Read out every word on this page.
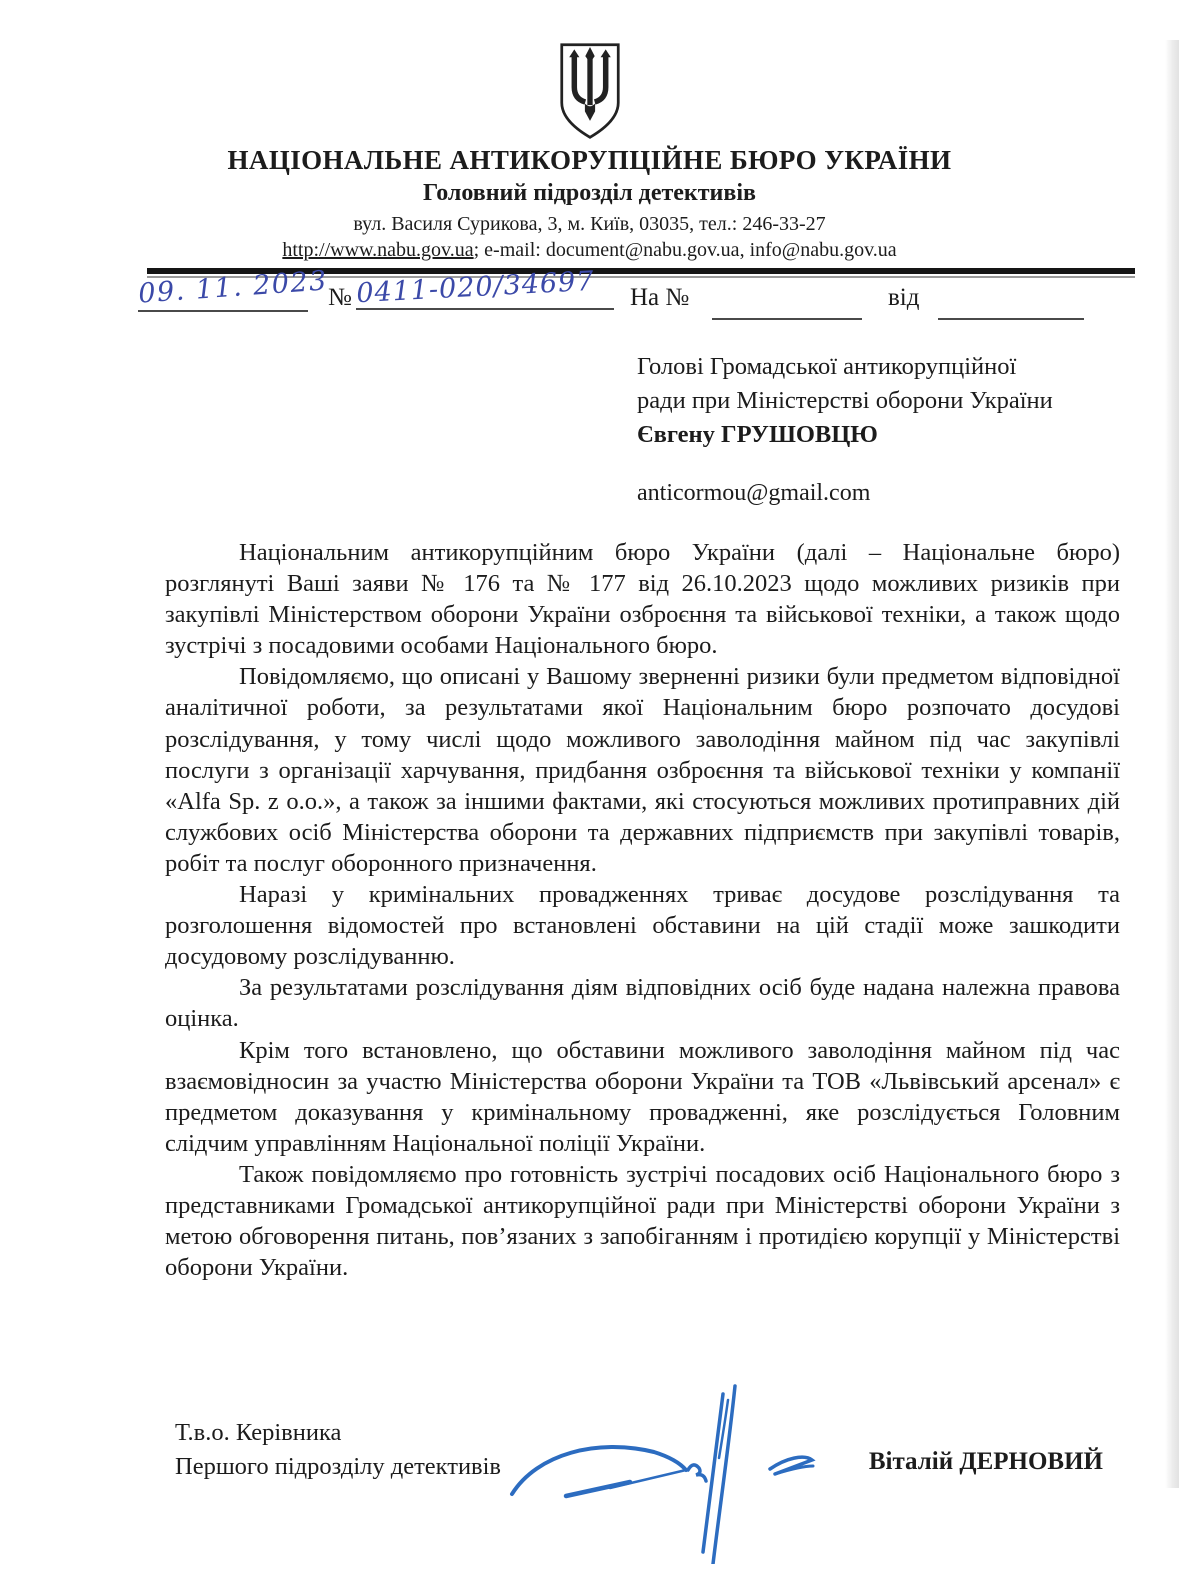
НАЦІОНАЛЬНЕ АНТИКОРУПЦІЙНЕ БЮРО УКРАЇНИ
Головний підрозділ детективів
вул. Василя Сурикова, 3, м. Київ, 03035, тел.: 246-33-27
http://www.nabu.gov.ua; e-mail: document@nabu.gov.ua, info@nabu.gov.ua
09. 11. 2023 № 0411-020/34697	На №	від
Голові Громадської антикорупційної
ради при Міністерстві оборони України
Євгену ГРУШОВЦЮ
anticormou@gmail.com

Національним антикорупційним бюро України (далі – Національне бюро) розглянуті Ваші заяви № 176 та № 177 від 26.10.2023 щодо можливих ризиків при закупівлі Міністерством оборони України озброєння та військової техніки, а також щодо зустрічі з посадовими особами Національного бюро.

Повідомляємо, що описані у Вашому зверненні ризики були предметом відповідної аналітичної роботи, за результатами якої Національним бюро розпочато досудові розслідування, у тому числі щодо можливого заволодіння майном під час закупівлі послуги з організації харчування, придбання озброєння та військової техніки у компанії «Alfa Sp. z o.o.», а також за іншими фактами, які стосуються можливих протиправних дій службових осіб Міністерства оборони та державних підприємств при закупівлі товарів, робіт та послуг оборонного призначення.

Наразі у кримінальних провадженнях триває досудове розслідування та розголошення відомостей про встановлені обставини на цій стадії може зашкодити досудовому розслідуванню.

За результатами розслідування діям відповідних осіб буде надана належна правова оцінка.

Крім того встановлено, що обставини можливого заволодіння майном під час взаємовідносин за участю Міністерства оборони України та ТОВ «Львівський арсенал» є предметом доказування у кримінальному провадженні, яке розслідується Головним слідчим управлінням Національної поліції України.

Також повідомляємо про готовність зустрічі посадових осіб Національного бюро з представниками Громадської антикорупційної ради при Міністерстві оборони України з метою обговорення питань, пов’язаних з запобіганням і протидією корупції у Міністерстві оборони України.

Т.в.о. Керівника
Першого підрозділу детективів	Віталій ДЕРНОВИЙ
